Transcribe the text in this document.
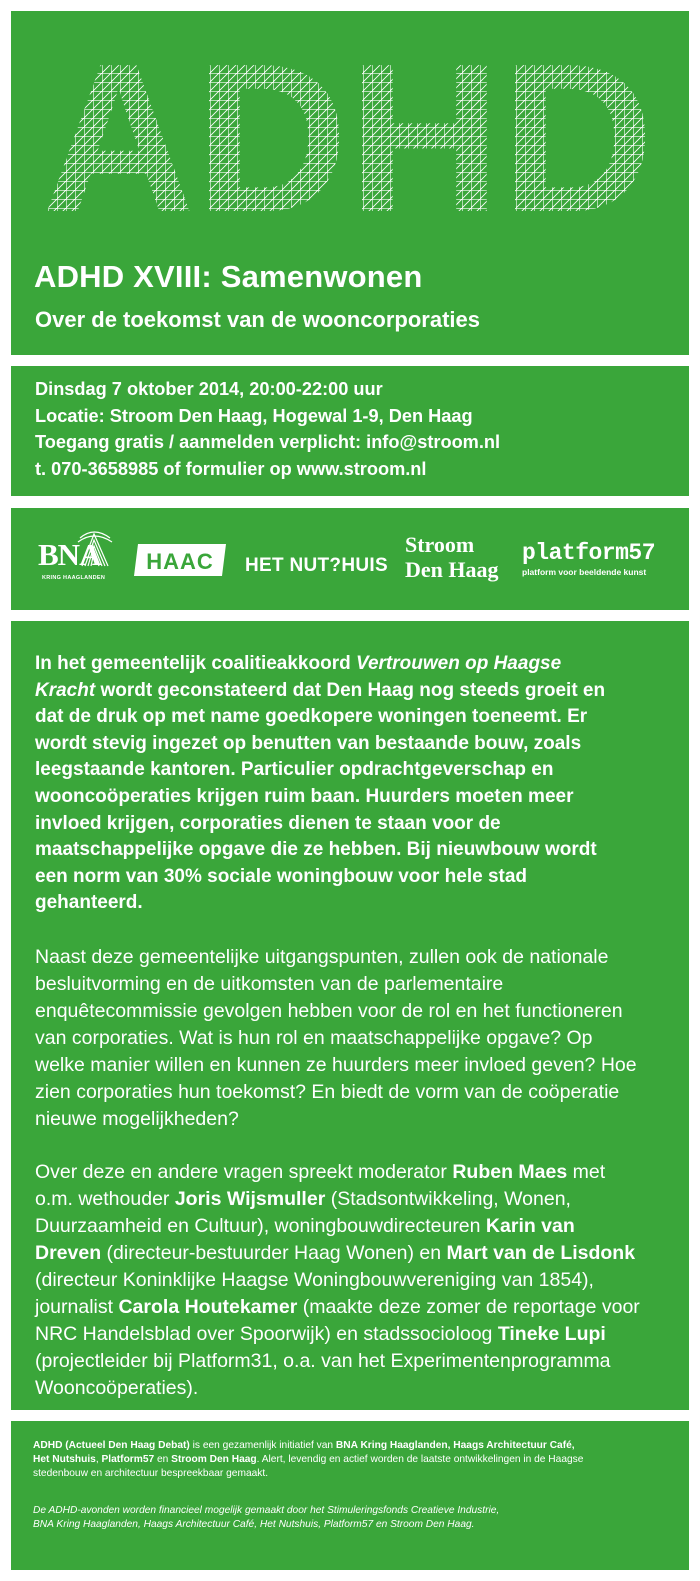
ADHD XVIII: Samenwonen
Over de toekomst van de wooncorporaties
Dinsdag 7 oktober 2014, 20:00-22:00 uur
Locatie: Stroom Den Haag, Hogewal 1-9, Den Haag
Toegang gratis / aanmelden verplicht: info@stroom.nl
t. 070-3658985 of formulier op www.stroom.nl
BNA
KRING HAAGLANDEN
HAAC HET NUT?HUIS
Stroom
Den Haag
platform57
platform voor beeldende kunst
In het gemeentelijk coalitieakkoord Vertrouwen op Haagse
Kracht wordt geconstateerd dat Den Haag nog steeds groeit en
dat de druk op met name goedkopere woningen toeneemt. Er
wordt stevig ingezet op benutten van bestaande bouw, zoals
leegstaande kantoren. Particulier opdrachtgeverschap en
wooncoöperaties krijgen ruim baan. Huurders moeten meer
invloed krijgen, corporaties dienen te staan voor de
maatschappelijke opgave die ze hebben. Bij nieuwbouw wordt
een norm van 30% sociale woningbouw voor hele stad
gehanteerd.
Naast deze gemeentelijke uitgangspunten, zullen ook de nationale
besluitvorming en de uitkomsten van de parlementaire
enquêtecommissie gevolgen hebben voor de rol en het functioneren
van corporaties. Wat is hun rol en maatschappelijke opgave? Op
welke manier willen en kunnen ze huurders meer invloed geven? Hoe
zien corporaties hun toekomst? En biedt de vorm van de coöperatie
nieuwe mogelijkheden?
Over deze en andere vragen spreekt moderator Ruben Maes met
o.m. wethouder Joris Wijsmuller (Stadsontwikkeling, Wonen,
Duurzaamheid en Cultuur), woningbouwdirecteuren Karin van
Dreven (directeur-bestuurder Haag Wonen) en Mart van de Lisdonk
(directeur Koninklijke Haagse Woningbouwvereniging van 1854),
journalist Carola Houtekamer (maakte deze zomer de reportage voor
NRC Handelsblad over Spoorwijk) en stadssocioloog Tineke Lupi
(projectleider bij Platform31, o.a. van het Experimentenprogramma
Wooncoöperaties).
ADHD (Actueel Den Haag Debat) is een gezamenlijk initiatief van BNA Kring Haaglanden, Haags Architectuur Café,
Het Nutshuis, Platform57 en Stroom Den Haag. Alert, levendig en actief worden de laatste ontwikkelingen in de Haagse
stedenbouw en architectuur bespreekbaar gemaakt.
De ADHD-avonden worden financieel mogelijk gemaakt door het Stimuleringsfonds Creatieve Industrie,
BNA Kring Haaglanden, Haags Architectuur Café, Het Nutshuis, Platform57 en Stroom Den Haag.
